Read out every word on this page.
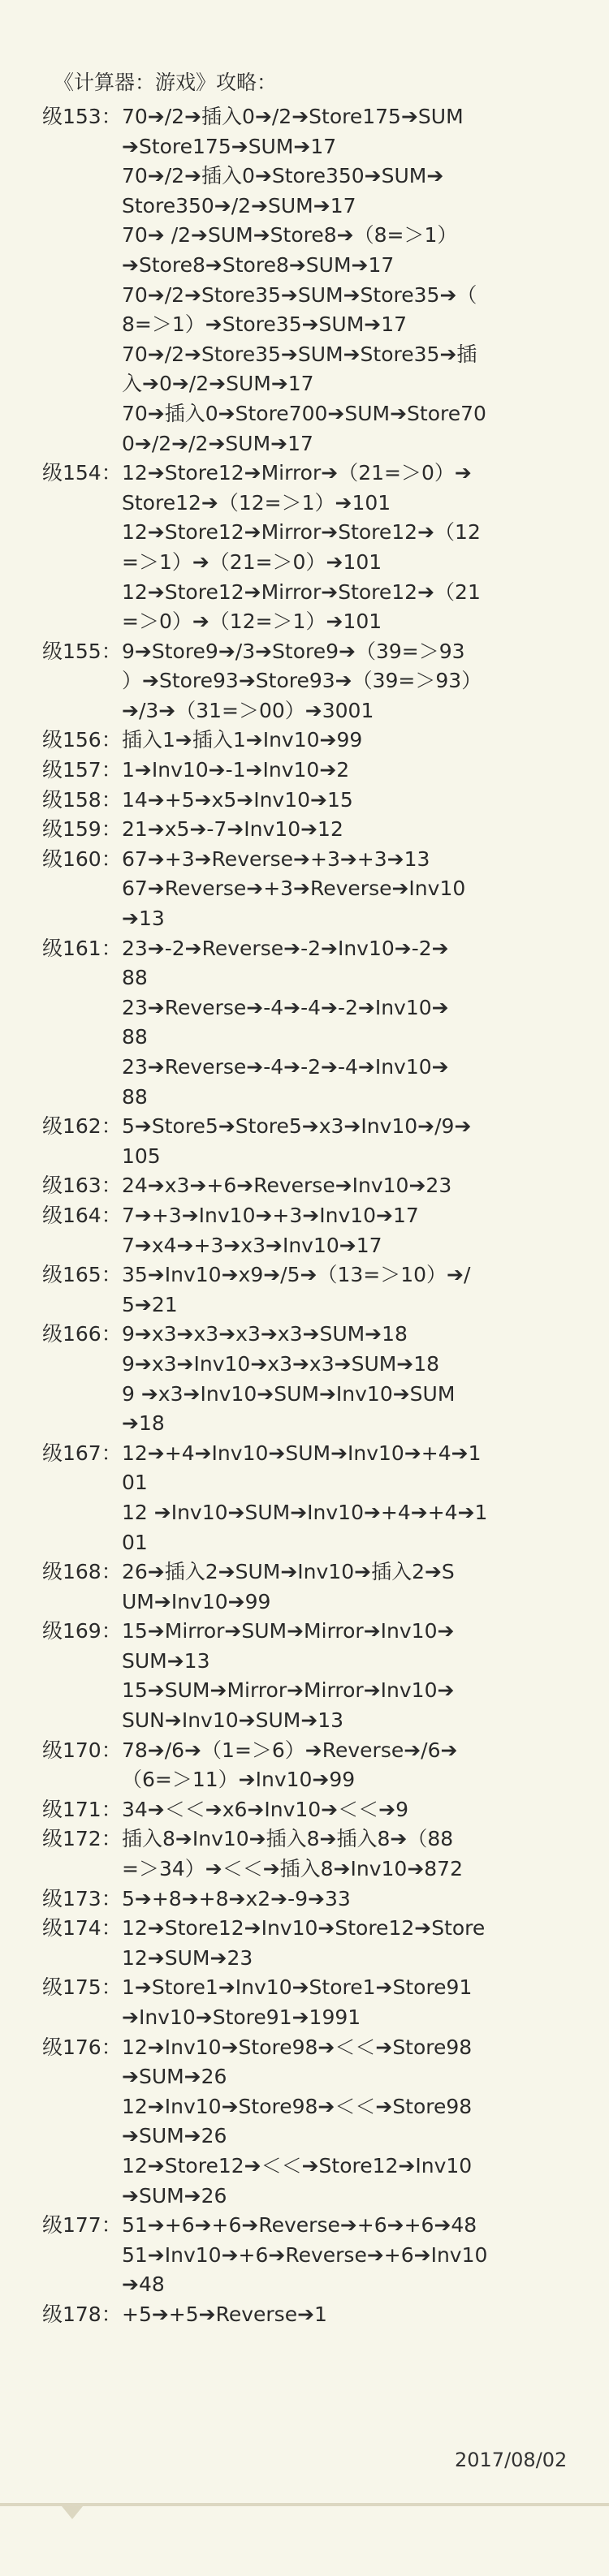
《计算器：游戏》攻略：
级153： 70➔/2➔插入0➔/2➔Store175➔SUM
➔Store175➔SUM➔17
70➔/2➔插入0➔Store350➔SUM➔
Store350➔/2➔SUM➔17
70➔ /2➔SUM➔Store8➔（8=＞1）
➔Store8➔Store8➔SUM➔17
70➔/2➔Store35➔SUM➔Store35➔（
8=＞1）➔Store35➔SUM➔17
70➔/2➔Store35➔SUM➔Store35➔插
入➔0➔/2➔SUM➔17
70➔插入0➔Store700➔SUM➔Store70
0➔/2➔/2➔SUM➔17
级154： 12➔Store12➔Mirror➔（21=＞0）➔
Store12➔（12=＞1）➔101
12➔Store12➔Mirror➔Store12➔（12
=＞1）➔（21=＞0）➔101
12➔Store12➔Mirror➔Store12➔（21
=＞0）➔（12=＞1）➔101
级155： 9➔Store9➔/3➔Store9➔（39=＞93
）➔Store93➔Store93➔（39=＞93）
➔/3➔（31=＞00）➔3001
级156： 插入1➔插入1➔Inv10➔99
级157： 1➔Inv10➔-1➔Inv10➔2
级158： 14➔+5➔x5➔Inv10➔15
级159： 21➔x5➔-7➔Inv10➔12
级160： 67➔+3➔Reverse➔+3➔+3➔13
67➔Reverse➔+3➔Reverse➔Inv10
➔13
级161： 23➔-2➔Reverse➔-2➔Inv10➔-2➔
88
23➔Reverse➔-4➔-4➔-2➔Inv10➔
88
23➔Reverse➔-4➔-2➔-4➔Inv10➔
88
级162： 5➔Store5➔Store5➔x3➔Inv10➔/9➔
105
级163： 24➔x3➔+6➔Reverse➔Inv10➔23
级164： 7➔+3➔Inv10➔+3➔Inv10➔17
7➔x4➔+3➔x3➔Inv10➔17
级165： 35➔Inv10➔x9➔/5➔（13=＞10）➔/
5➔21
级166： 9➔x3➔x3➔x3➔x3➔SUM➔18
9➔x3➔Inv10➔x3➔x3➔SUM➔18
9 ➔x3➔Inv10➔SUM➔Inv10➔SUM
➔18
级167： 12➔+4➔Inv10➔SUM➔Inv10➔+4➔1
01
12 ➔Inv10➔SUM➔Inv10➔+4➔+4➔1
01
级168： 26➔插入2➔SUM➔Inv10➔插入2➔S
UM➔Inv10➔99
级169： 15➔Mirror➔SUM➔Mirror➔Inv10➔
SUM➔13
15➔SUM➔Mirror➔Mirror➔Inv10➔
SUN➔Inv10➔SUM➔13
级170： 78➔/6➔（1=＞6）➔Reverse➔/6➔
（6=＞11）➔Inv10➔99
级171： 34➔＜＜➔x6➔Inv10➔＜＜➔9
级172： 插入8➔Inv10➔插入8➔插入8➔（88
=＞34）➔＜＜➔插入8➔Inv10➔872
级173： 5➔+8➔+8➔x2➔-9➔33
级174： 12➔Store12➔Inv10➔Store12➔Store
12➔SUM➔23
级175： 1➔Store1➔Inv10➔Store1➔Store91
➔Inv10➔Store91➔1991
级176： 12➔Inv10➔Store98➔＜＜➔Store98
➔SUM➔26
12➔Inv10➔Store98➔＜＜➔Store98
➔SUM➔26
12➔Store12➔＜＜➔Store12➔Inv10
➔SUM➔26
级177： 51➔+6➔+6➔Reverse➔+6➔+6➔48
51➔Inv10➔+6➔Reverse➔+6➔Inv10
➔48
级178： +5➔+5➔Reverse➔1
2017/08/02
